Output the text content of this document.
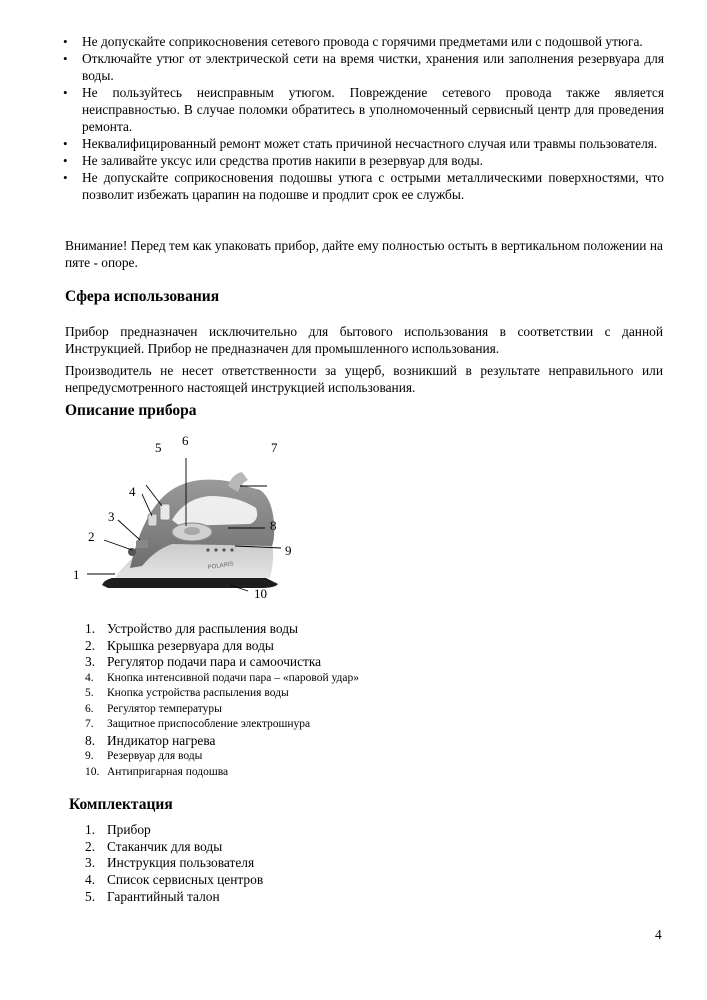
• Не допускайте соприкосновения сетевого провода с горячими предметами или с подошвой утюга.
• Отключайте утюг от электрической сети на время чистки, хранения или заполнения резервуара для воды.
• Не пользуйтесь неисправным утюгом. Повреждение сетевого провода также является неисправностью. В случае поломки обратитесь в уполномоченный сервисный центр для проведения ремонта.
• Неквалифицированный ремонт может стать причиной несчастного случая или травмы пользователя.
• Не заливайте уксус или средства против накипи в резервуар для воды.
• Не допускайте соприкосновения подошвы утюга с острыми металлическими поверхностями, что позволит избежать царапин на подошве и продлит срок ее службы.

Внимание! Перед тем как упаковать прибор, дайте ему полностью остыть в вертикальном положении на пяте - опоре.

Сфера использования

Прибор предназначен исключительно для бытового использования в соответствии с данной Инструкцией. Прибор не предназначен для промышленного использования.

Производитель не несет ответственности за ущерб, возникший в результате неправильного или непредусмотренного настоящей инструкцией использования.

Описание прибора
POLARIS
1
2
3
4
5 6	7
8
9
10
1. Устройство для распыления воды
2. Крышка резервуара для воды
3. Регулятор подачи пара и самоочистка
4. Кнопка интенсивной подачи пара – «паровой удар»
5. Кнопка устройства распыления воды
6. Регулятор температуры
7. Защитное приспособление электрошнура
8. Индикатор нагрева
9. Резервуар для воды
10. Антипригарная подошва
Комплектация
1. Прибор
2. Стаканчик для воды
3. Инструкция пользователя
4. Список сервисных центров
5. Гарантийный талон
4
